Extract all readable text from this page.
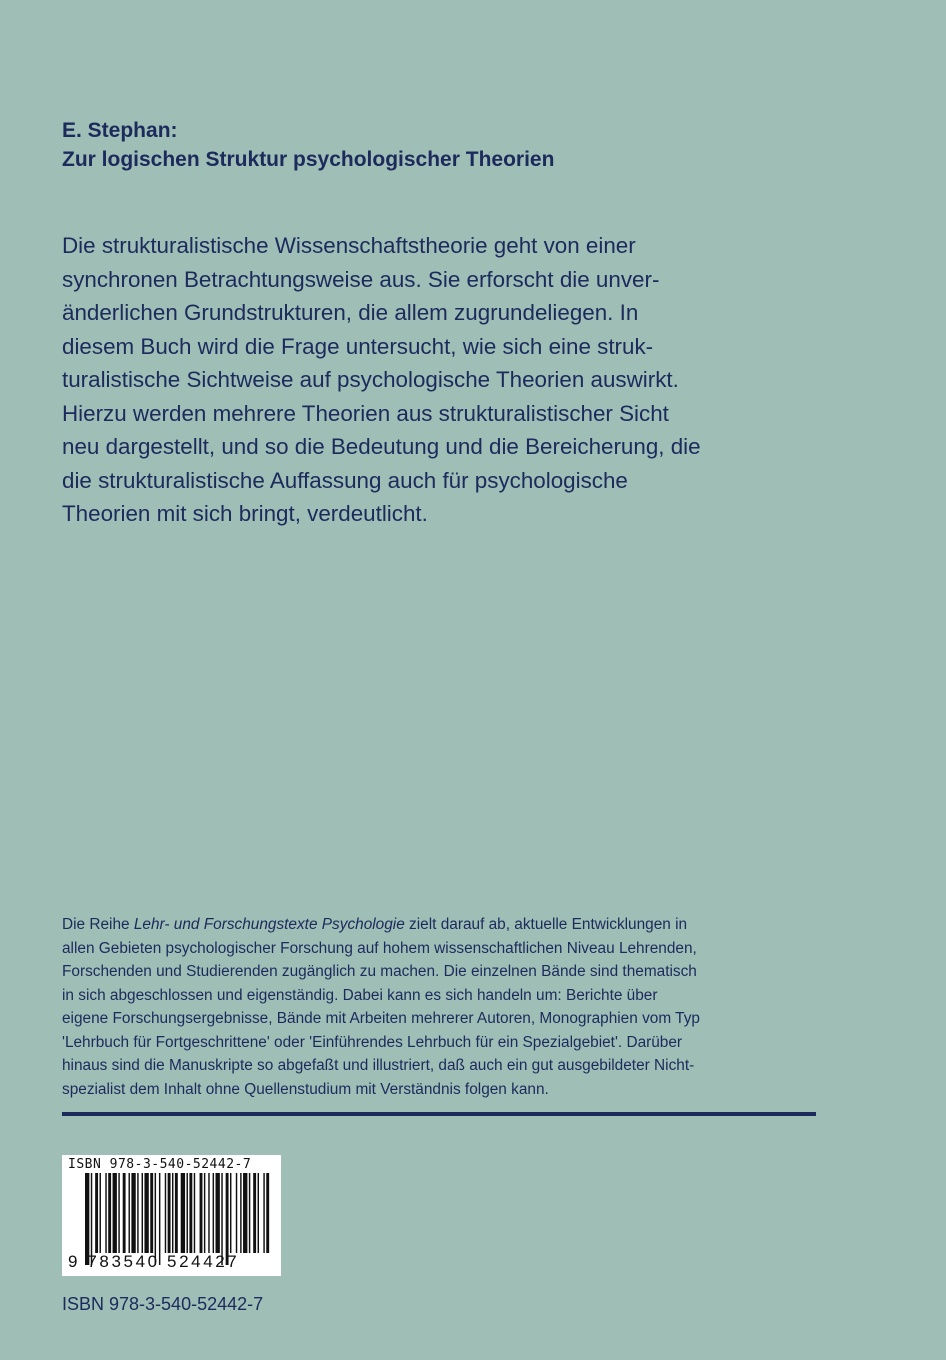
E. Stephan:
Zur logischen Struktur psychologischer Theorien
Die strukturalistische Wissenschaftstheorie geht von einer
synchronen Betrachtungsweise aus. Sie erforscht die unver-
änderlichen Grundstrukturen, die allem zugrundeliegen. In
diesem Buch wird die Frage untersucht, wie sich eine struk-
turalistische Sichtweise auf psychologische Theorien auswirkt.
Hierzu werden mehrere Theorien aus strukturalistischer Sicht
neu dargestellt, und so die Bedeutung und die Bereicherung, die
die strukturalistische Auffassung auch für psychologische
Theorien mit sich bringt, verdeutlicht.
Die Reihe Lehr- und Forschungstexte Psychologie zielt darauf ab, aktuelle Entwicklungen in
allen Gebieten psychologischer Forschung auf hohem wissenschaftlichen Niveau Lehrenden,
Forschenden und Studierenden zugänglich zu machen. Die einzelnen Bände sind thematisch
in sich abgeschlossen und eigenständig. Dabei kann es sich handeln um: Berichte über
eigene Forschungsergebnisse, Bände mit Arbeiten mehrerer Autoren, Monographien vom Typ
'Lehrbuch für Fortgeschrittene' oder 'Einführendes Lehrbuch für ein Spezialgebiet'. Darüber
hinaus sind die Manuskripte so abgefaßt und illustriert, daß auch ein gut ausgebildeter Nicht-
spezialist dem Inhalt ohne Quellenstudium mit Verständnis folgen kann.
ISBN 978-3-540-52442-7
9 783540 524427
ISBN 978-3-540-52442-7
